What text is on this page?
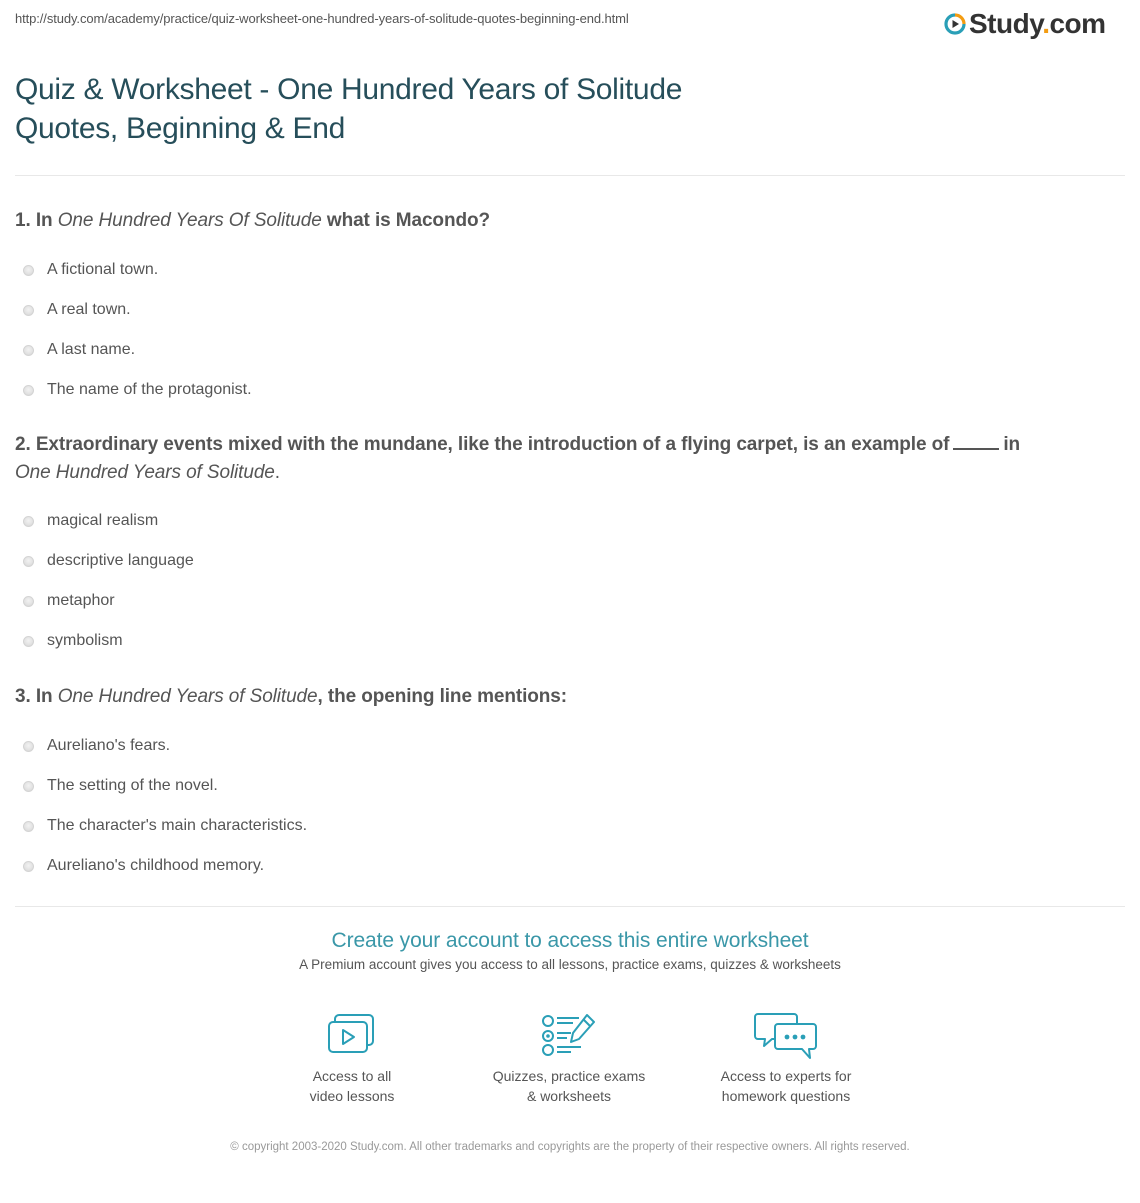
http://study.com/academy/practice/quiz-worksheet-one-hundred-years-of-solitude-quotes-beginning-end.html	Study.com
Quiz & Worksheet - One Hundred Years of Solitude
Quotes, Beginning & End
1. In One Hundred Years Of Solitude what is Macondo?
A fictional town.
A real town.
A last name.
The name of the protagonist.
2. Extraordinary events mixed with the mundane, like the introduction of a flying carpet, is an example of	in
One Hundred Years of Solitude.
magical realism
descriptive language
metaphor
symbolism
3. In One Hundred Years of Solitude, the opening line mentions:
Aureliano's fears.
The setting of the novel.
The character's main characteristics.
Aureliano's childhood memory.
Create your account to access this entire worksheet
A Premium account gives you access to all lessons, practice exams, quizzes & worksheets
Access to all
video lessons
Quizzes, practice exams
& worksheets
Access to experts for
homework questions
© copyright 2003-2020 Study.com. All other trademarks and copyrights are the property of their respective owners. All rights reserved.
